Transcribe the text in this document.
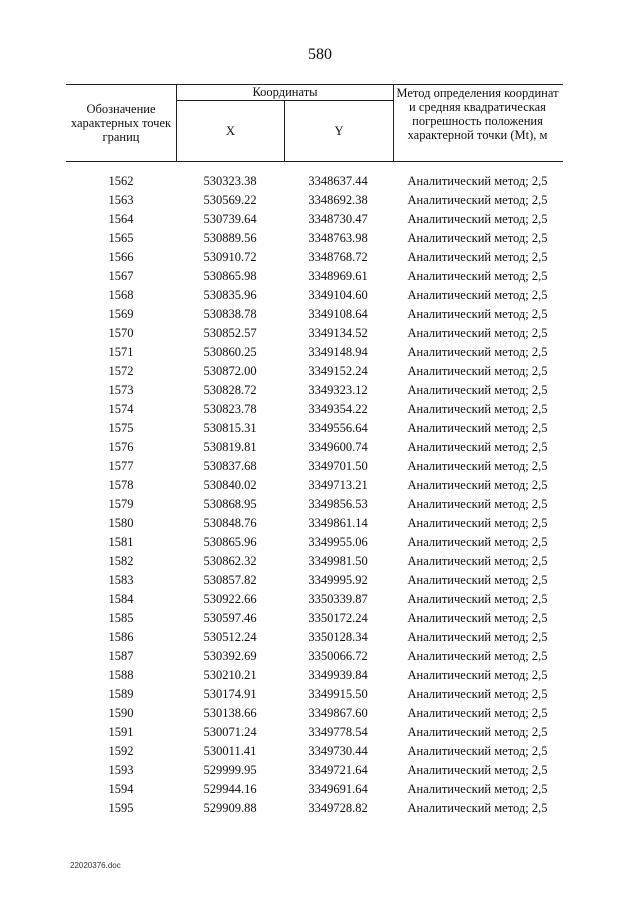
580
Обозначение характерных точек границ
Координаты
X	Y
Метод определения координат и средняя квадратическая погрешность положения характерной точки (Мt), м
1562	530323.38	3348637.44	Аналитический метод; 2,5
1563	530569.22	3348692.38	Аналитический метод; 2,5
1564	530739.64	3348730.47	Аналитический метод; 2,5
1565	530889.56	3348763.98	Аналитический метод; 2,5
1566	530910.72	3348768.72	Аналитический метод; 2,5
1567	530865.98	3348969.61	Аналитический метод; 2,5
1568	530835.96	3349104.60	Аналитический метод; 2,5
1569	530838.78	3349108.64	Аналитический метод; 2,5
1570	530852.57	3349134.52	Аналитический метод; 2,5
1571	530860.25	3349148.94	Аналитический метод; 2,5
1572	530872.00	3349152.24	Аналитический метод; 2,5
1573	530828.72	3349323.12	Аналитический метод; 2,5
1574	530823.78	3349354.22	Аналитический метод; 2,5
1575	530815.31	3349556.64	Аналитический метод; 2,5
1576	530819.81	3349600.74	Аналитический метод; 2,5
1577	530837.68	3349701.50	Аналитический метод; 2,5
1578	530840.02	3349713.21	Аналитический метод; 2,5
1579	530868.95	3349856.53	Аналитический метод; 2,5
1580	530848.76	3349861.14	Аналитический метод; 2,5
1581	530865.96	3349955.06	Аналитический метод; 2,5
1582	530862.32	3349981.50	Аналитический метод; 2,5
1583	530857.82	3349995.92	Аналитический метод; 2,5
1584	530922.66	3350339.87	Аналитический метод; 2,5
1585	530597.46	3350172.24	Аналитический метод; 2,5
1586	530512.24	3350128.34	Аналитический метод; 2,5
1587	530392.69	3350066.72	Аналитический метод; 2,5
1588	530210.21	3349939.84	Аналитический метод; 2,5
1589	530174.91	3349915.50	Аналитический метод; 2,5
1590	530138.66	3349867.60	Аналитический метод; 2,5
1591	530071.24	3349778.54	Аналитический метод; 2,5
1592	530011.41	3349730.44	Аналитический метод; 2,5
1593	529999.95	3349721.64	Аналитический метод; 2,5
1594	529944.16	3349691.64	Аналитический метод; 2,5
1595	529909.88	3349728.82	Аналитический метод; 2,5
22020376.doc
